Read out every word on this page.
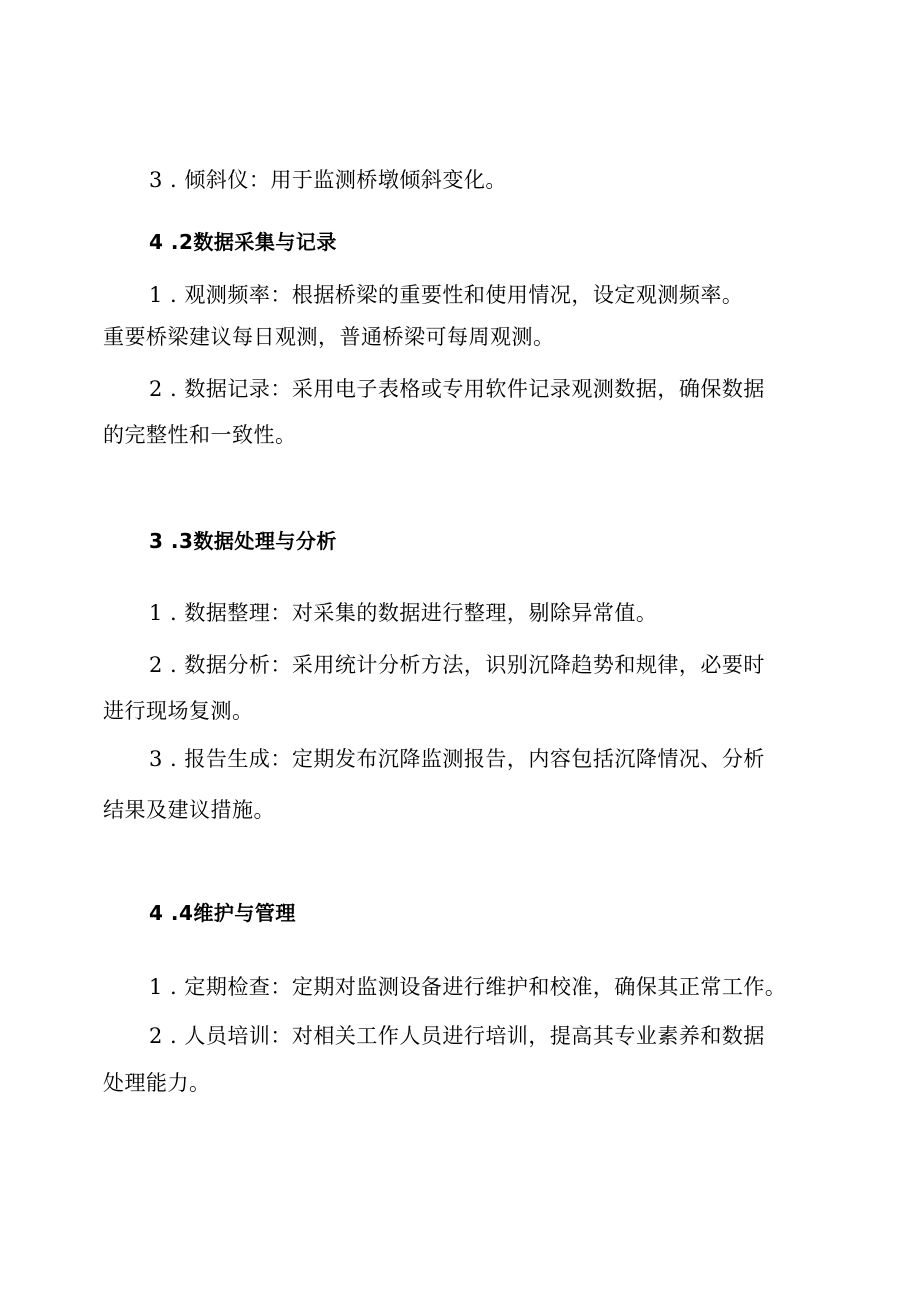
3 . 倾斜仪：用于监测桥墩倾斜变化。
4 .2数据采集与记录
1 . 观测频率：根据桥梁的重要性和使用情况，设定观测频率。
重要桥梁建议每日观测，普通桥梁可每周观测。
2 . 数据记录：采用电子表格或专用软件记录观测数据，确保数据
的完整性和一致性。
3 .3数据处理与分析
1 . 数据整理：对采集的数据进行整理，剔除异常值。
2 . 数据分析：采用统计分析方法，识别沉降趋势和规律，必要时
进行现场复测。
3 . 报告生成：定期发布沉降监测报告，内容包括沉降情况、分析
结果及建议措施。
4 .4维护与管理
1 . 定期检查：定期对监测设备进行维护和校准，确保其正常工作。
2 . 人员培训：对相关工作人员进行培训，提高其专业素养和数据
处理能力。
